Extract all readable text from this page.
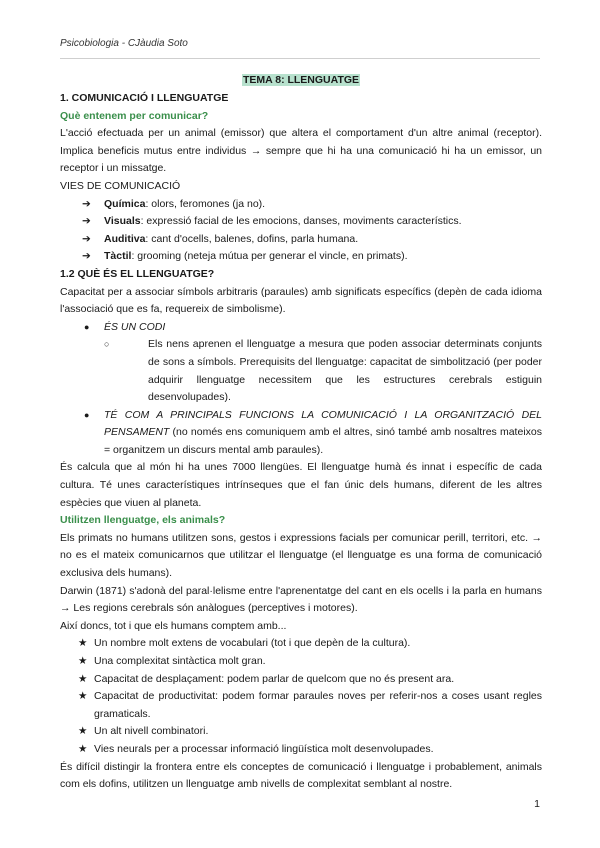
Psicobiologia - CJàudia Soto
TEMA 8: LLENGUATGE
1. COMUNICACIÓ I LLENGUATGE
Què entenem per comunicar?
L'acció efectuada per un animal (emissor) que altera el comportament d'un altre animal (receptor). Implica beneficis mutus entre individus → sempre que hi ha una comunicació hi ha un emissor, un receptor i un missatge.
VIES DE COMUNICACIÓ
➔ Química: olors, feromones (ja no).
➔ Visuals: expressió facial de les emocions, danses, moviments característics.
➔ Auditiva: cant d'ocells, balenes, dofins, parla humana.
➔ Tàctil: grooming (neteja mútua per generar el vincle, en primats).
1.2 QUÈ ÉS EL LLENGUATGE?
Capacitat per a associar símbols arbitraris (paraules) amb significats específics (depèn de cada idioma l'associació que es fa, requereix de simbolisme).
● ÉS UN CODI
○	Els nens aprenen el llenguatge a mesura que poden associar determinats conjunts de sons a símbols. Prerequisits del llenguatge: capacitat de simbolització (per poder adquirir llenguatge necessitem que les estructures cerebrals estiguin desenvolupades).
● TÉ COM A PRINCIPALS FUNCIONS LA COMUNICACIÓ I LA ORGANITZACIÓ DEL PENSAMENT (no només ens comuniquem amb el altres, sinó també amb nosaltres mateixos = organitzem un discurs mental amb paraules).
És calcula que al món hi ha unes 7000 llengües. El llenguatge humà és innat i específic de cada cultura. Té unes característiques intrínseques que el fan únic dels humans, diferent de les altres espècies que viuen al planeta.
Utilitzen llenguatge, els animals?
Els primats no humans utilitzen sons, gestos i expressions facials per comunicar perill, territori, etc. → no es el mateix comunicarnos que utilitzar el llenguatge (el llenguatge es una forma de comunicació exclusiva dels humans).
Darwin (1871) s'adonà del paral·lelisme entre l'aprenentatge del cant en els ocells i la parla en humans → Les regions cerebrals són anàlogues (perceptives i motores).
Així doncs, tot i que els humans comptem amb...
★ Un nombre molt extens de vocabulari (tot i que depèn de la cultura).
★ Una complexitat sintàctica molt gran.
★ Capacitat de desplaçament: podem parlar de quelcom que no és present ara.
★ Capacitat de productivitat: podem formar paraules noves per referir-nos a coses usant regles gramaticals.
★ Un alt nivell combinatori.
★ Vies neurals per a processar informació lingüística molt desenvolupades.
És difícil distingir la frontera entre els conceptes de comunicació i llenguatge i probablement, animals com els dofins, utilitzen un llenguatge amb nivells de complexitat semblant al nostre.
1
